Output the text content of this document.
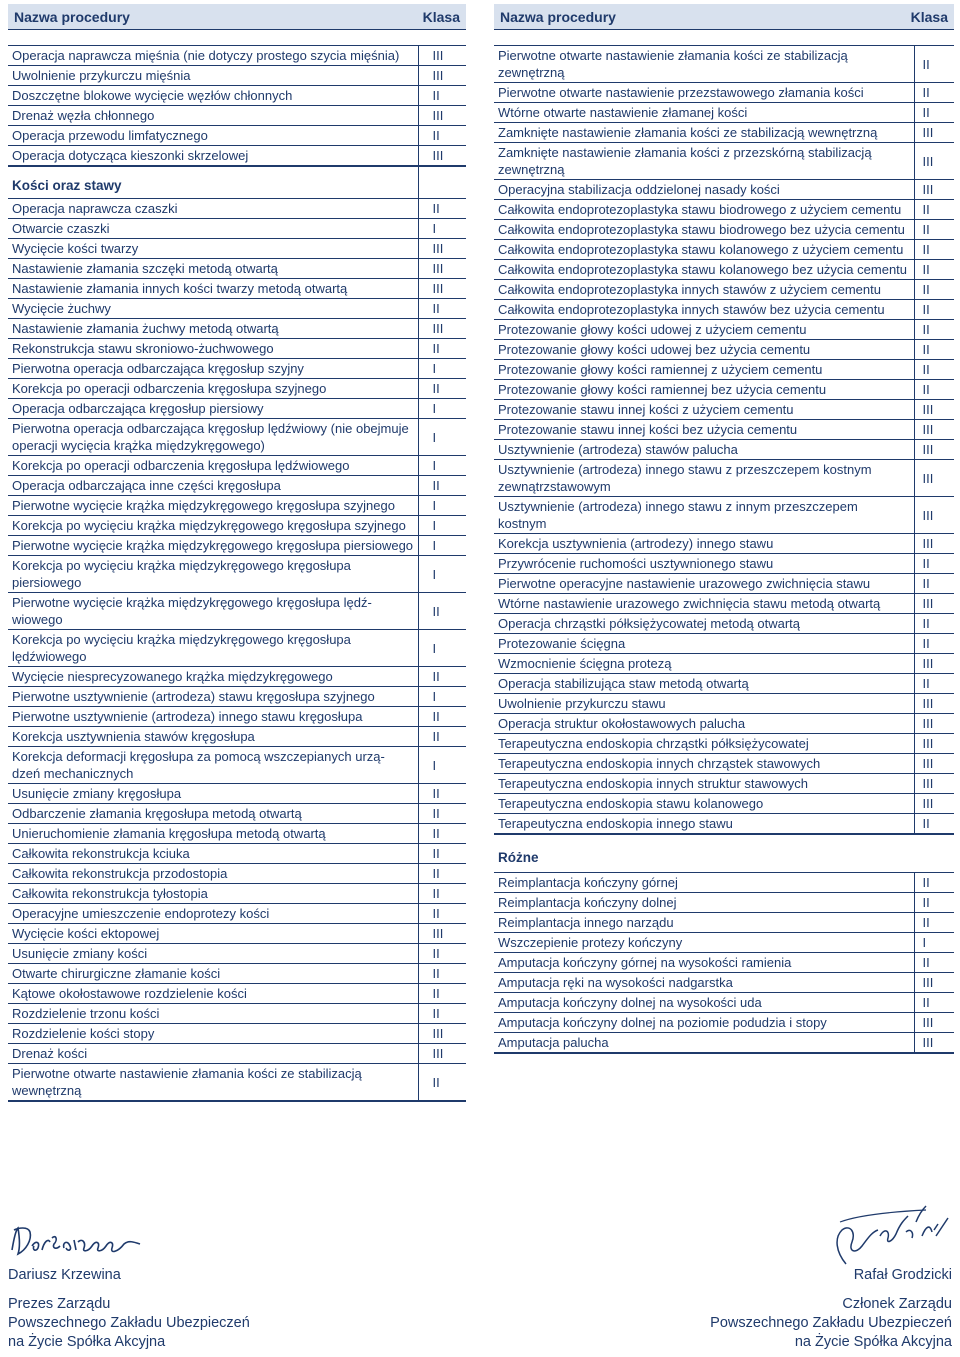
Nazwa procedury	Klasa
Operacja naprawcza mięśnia (nie dotyczy prostego szycia mięśnia)	III
Uwolnienie przykurczu mięśnia	III
Doszczętne blokowe wycięcie węzłów chłonnych	II
Drenaż węzła chłonnego	III
Operacja przewodu limfatycznego	II
Operacja dotycząca kieszonki skrzelowej	III
Kości oraz stawy	
Operacja naprawcza czaszki	II
Otwarcie czaszki	I
Wycięcie kości twarzy	III
Nastawienie złamania szczęki metodą otwartą	III
Nastawienie złamania innych kości twarzy metodą otwartą	III
Wycięcie żuchwy	II
Nastawienie złamania żuchwy metodą otwartą	III
Rekonstrukcja stawu skroniowo-żuchwowego	II
Pierwotna operacja odbarczająca kręgosłup szyjny	I
Korekcja po operacji odbarczenia kręgosłupa szyjnego	II
Operacja odbarczająca kręgosłup piersiowy	I
Pierwotna operacja odbarczająca kręgosłup lędźwiowy (nie obejmuje operacji wycięcia krążka międzykręgowego)	I
Korekcja po operacji odbarczenia kręgosłupa lędźwiowego	I
Operacja odbarczająca inne części kręgosłupa	II
Pierwotne wycięcie krążka międzykręgowego kręgosłupa szyjnego	I
Korekcja po wycięciu krążka międzykręgowego kręgosłupa szyjnego	I
Pierwotne wycięcie krążka międzykręgowego kręgosłupa piersiowego	I
Korekcja po wycięciu krążka międzykręgowego kręgosłupa piersiowego	I
Pierwotne wycięcie krążka międzykręgowego kręgosłupa lędź- wiowego	II
Korekcja po wycięciu krążka międzykręgowego kręgosłupa lędźwiowego	I
Wycięcie niesprecyzowanego krążka międzykręgowego	II
Pierwotne usztywnienie (artrodeza) stawu kręgosłupa szyjnego	I
Pierwotne usztywnienie (artrodeza) innego stawu kręgosłupa	II
Korekcja usztywnienia stawów kręgosłupa	II
Korekcja deformacji kręgosłupa za pomocą wszczepianych urzą- dzeń mechanicznych	I
Usunięcie zmiany kręgosłupa	II
Odbarczenie złamania kręgosłupa metodą otwartą	II
Unieruchomienie złamania kręgosłupa metodą otwartą	II
Całkowita rekonstrukcja kciuka	II
Całkowita rekonstrukcja przodostopia	II
Całkowita rekonstrukcja tyłostopia	II
Operacyjne umieszczenie endoprotezy kości	II
Wycięcie kości ektopowej	III
Usunięcie zmiany kości	II
Otwarte chirurgiczne złamanie kości	II
Kątowe okołostawowe rozdzielenie kości	II
Rozdzielenie trzonu kości	II
Rozdzielenie kości stopy	III
Drenaż kości	III
Pierwotne otwarte nastawienie złamania kości ze stabilizacją wewnętrzną	II
Nazwa procedury	Klasa
Pierwotne otwarte nastawienie złamania kości ze stabilizacją zewnętrzną	II
Pierwotne otwarte nastawienie przezstawowego złamania kości	II
Wtórne otwarte nastawienie złamanej kości	II
Zamknięte nastawienie złamania kości ze stabilizacją wewnętrzną	III
Zamknięte nastawienie złamania kości z przezskórną stabilizacją zewnętrzną	III
Operacyjna stabilizacja oddzielonej nasady kości	III
Całkowita endoprotezoplastyka stawu biodrowego z użyciem cementu	II
Całkowita endoprotezoplastyka stawu biodrowego bez użycia cementu	II
Całkowita endoprotezoplastyka stawu kolanowego z użyciem cementu	II
Całkowita endoprotezoplastyka stawu kolanowego bez użycia cementu	II
Całkowita endoprotezoplastyka innych stawów z użyciem cementu	II
Całkowita endoprotezoplastyka innych stawów bez użycia cementu	II
Protezowanie głowy kości udowej z użyciem cementu	II
Protezowanie głowy kości udowej bez użycia cementu	II
Protezowanie głowy kości ramiennej z użyciem cementu	II
Protezowanie głowy kości ramiennej bez użycia cementu	II
Protezowanie stawu innej kości z użyciem cementu	III
Protezowanie stawu innej kości bez użycia cementu	III
Usztywnienie (artrodeza) stawów palucha	III
Usztywnienie (artrodeza) innego stawu z przeszczepem kostnym zewnątrzstawowym	III
Usztywnienie (artrodeza) innego stawu z innym przeszczepem kostnym	III
Korekcja usztywnienia (artrodezy) innego stawu	III
Przywrócenie ruchomości usztywnionego stawu	II
Pierwotne operacyjne nastawienie urazowego zwichnięcia stawu	II
Wtórne nastawienie urazowego zwichnięcia stawu metodą otwartą	III
Operacja chrząstki półksiężycowatej metodą otwartą	II
Protezowanie ścięgna	II
Wzmocnienie ścięgna protezą	III
Operacja stabilizująca staw metodą otwartą	II
Uwolnienie przykurczu stawu	III
Operacja struktur okołostawowych palucha	III
Terapeutyczna endoskopia chrząstki półksiężycowatej	III
Terapeutyczna endoskopia innych chrząstek stawowych	III
Terapeutyczna endoskopia innych struktur stawowych	III
Terapeutyczna endoskopia stawu kolanowego	III
Terapeutyczna endoskopia innego stawu	II
Różne	
Reimplantacja kończyny górnej	II
Reimplantacja kończyny dolnej	II
Reimplantacja innego narządu	II
Wszczepienie protezy kończyny	I
Amputacja kończyny górnej na wysokości ramienia	II
Amputacja ręki na wysokości nadgarstka	III
Amputacja kończyny dolnej na wysokości uda	II
Amputacja kończyny dolnej na poziomie podudzia i stopy	III
Amputacja palucha	III
Dariusz Krzewina
Prezes Zarządu
Powszechnego Zakładu Ubezpieczeń
na Życie Spółka Akcyjna
Rafał Grodzicki
Członek Zarządu
Powszechnego Zakładu Ubezpieczeń
na Życie Spółka Akcyjna
